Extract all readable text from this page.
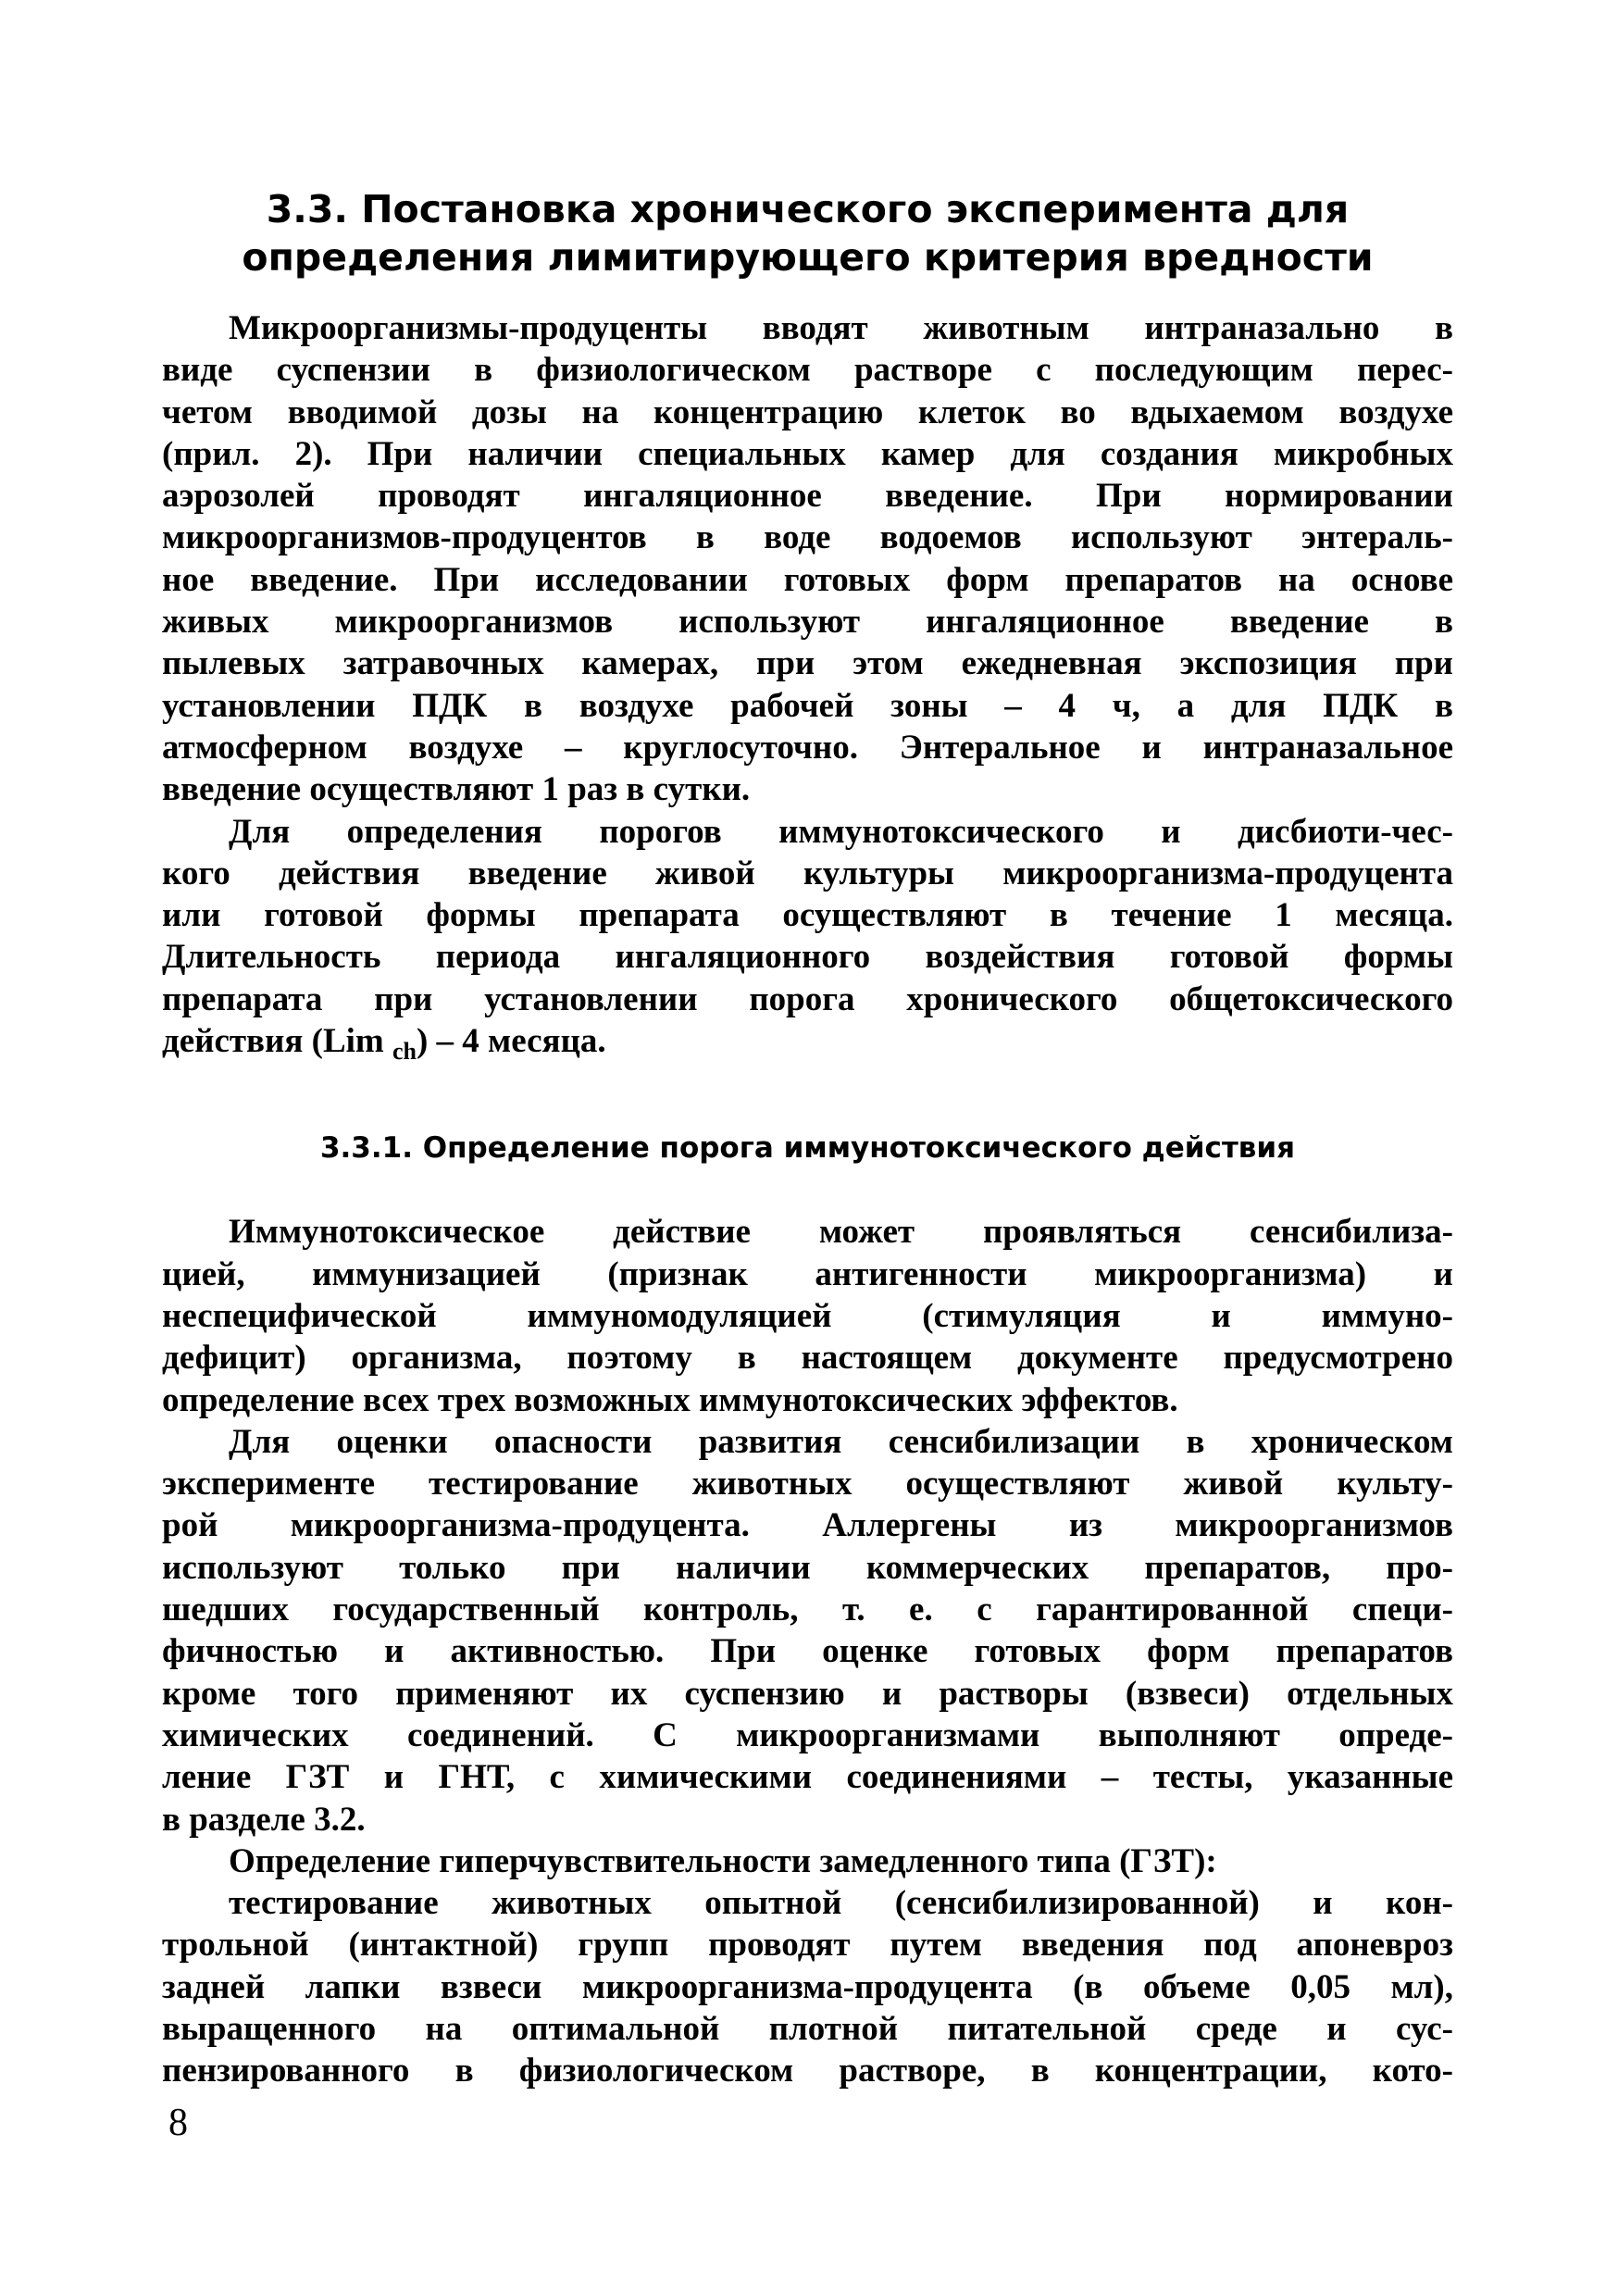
3.3. Постановка хронического эксперимента для
определения лимитирующего критерия вредности
Микроорганизмы-продуценты вводят животным интраназально в
виде суспензии в физиологическом растворе с последующим перес-
четом вводимой дозы на концентрацию клеток во вдыхаемом воздухе
(прил. 2). При наличии специальных камер для создания микробных
аэрозолей проводят ингаляционное введение. При нормировании
микроорганизмов-продуцентов в воде водоемов используют энтераль-
ное введение. При исследовании готовых форм препаратов на основе
живых микроорганизмов используют ингаляционное введение в
пылевых затравочных камерах, при этом ежедневная экспозиция при
установлении ПДК в воздухе рабочей зоны – 4 ч, а для ПДК в
атмосферном воздухе – круглосуточно. Энтеральное и интраназальное
введение осуществляют 1 раз в сутки.
Для определения порогов иммунотоксического и дисбиоти-чес-
кого действия введение живой культуры микроорганизма-продуцента
или готовой формы препарата осуществляют в течение 1 месяца.
Длительность периода ингаляционного воздействия готовой формы
препарата при установлении порога хронического общетоксического
действия (Lim $_{ch}$) – 4 месяца.
3.3.1. Определение порога иммунотоксического действия
Иммунотоксическое действие может проявляться сенсибилиза-
цией, иммунизацией (признак антигенности микроорганизма) и
неспецифической иммуномодуляцией (стимуляция и иммуно-
дефицит) организма, поэтому в настоящем документе предусмотрено
определение всех трех возможных иммунотоксических эффектов.
Для оценки опасности развития сенсибилизации в хроническом
эксперименте тестирование животных осуществляют живой культу-
рой микроорганизма-продуцента. Аллергены из микроорганизмов
используют только при наличии коммерческих препаратов, про-
шедших государственный контроль, т. е. с гарантированной специ-
фичностью и активностью. При оценке готовых форм препаратов
кроме того применяют их суспензию и растворы (взвеси) отдельных
химических соединений. С микроорганизмами выполняют опреде-
ление ГЗТ и ГНТ, с химическими соединениями – тесты, указанные
в разделе 3.2.
Определение гиперчувствительности замедленного типа (ГЗТ):
тестирование животных опытной (сенсибилизированной) и кон-
трольной (интактной) групп проводят путем введения под апоневроз
задней лапки взвеси микроорганизма-продуцента (в объеме 0,05 мл),
выращенного на оптимальной плотной питательной среде и сус-
пензированного в физиологическом растворе, в концентрации, кото-
8
